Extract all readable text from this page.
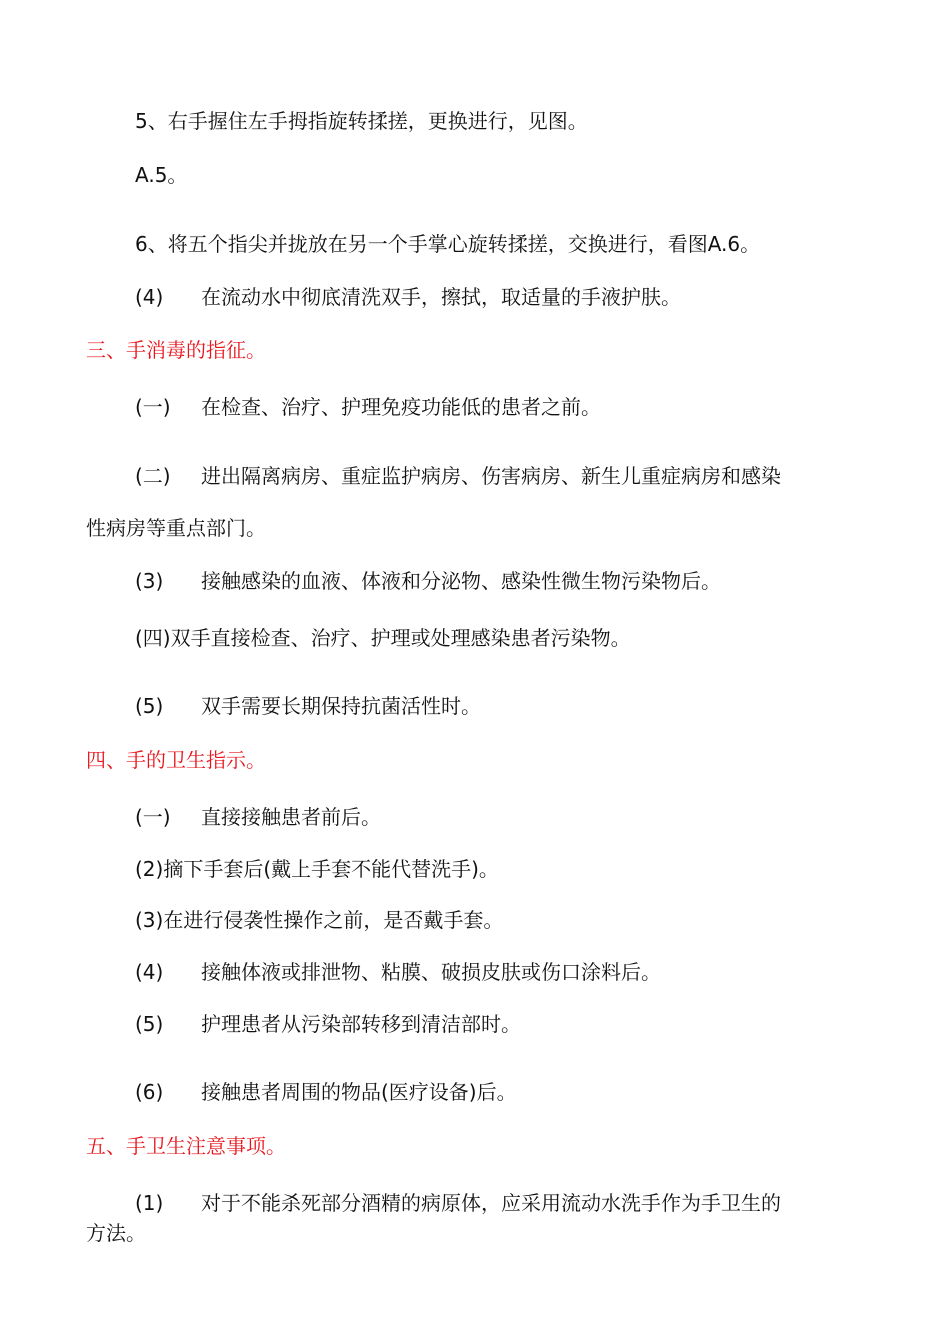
5、右手握住左手拇指旋转揉搓，更换进行，见图。
A.5。
6、将五个指尖并拢放在另一个手掌心旋转揉搓，交换进行，看图A.6。
(4) 在流动水中彻底清洗双手，擦拭，取适量的手液护肤。
三、手消毒的指征。
(一) 在检查、治疗、护理免疫功能低的患者之前。
(二) 进出隔离病房、重症监护病房、伤害病房、新生儿重症病房和感染
性病房等重点部门。
(3) 接触感染的血液、体液和分泌物、感染性微生物污染物后。
(四)双手直接检查、治疗、护理或处理感染患者污染物。
(5) 双手需要长期保持抗菌活性时。
四、手的卫生指示。
(一) 直接接触患者前后。
(2)摘下手套后(戴上手套不能代替洗手)。
(3)在进行侵袭性操作之前，是否戴手套。
(4) 接触体液或排泄物、粘膜、破损皮肤或伤口涂料后。
(5) 护理患者从污染部转移到清洁部时。
(6) 接触患者周围的物品(医疗设备)后。
五、手卫生注意事项。
(1) 对于不能杀死部分酒精的病原体，应采用流动水洗手作为手卫生的
方法。
